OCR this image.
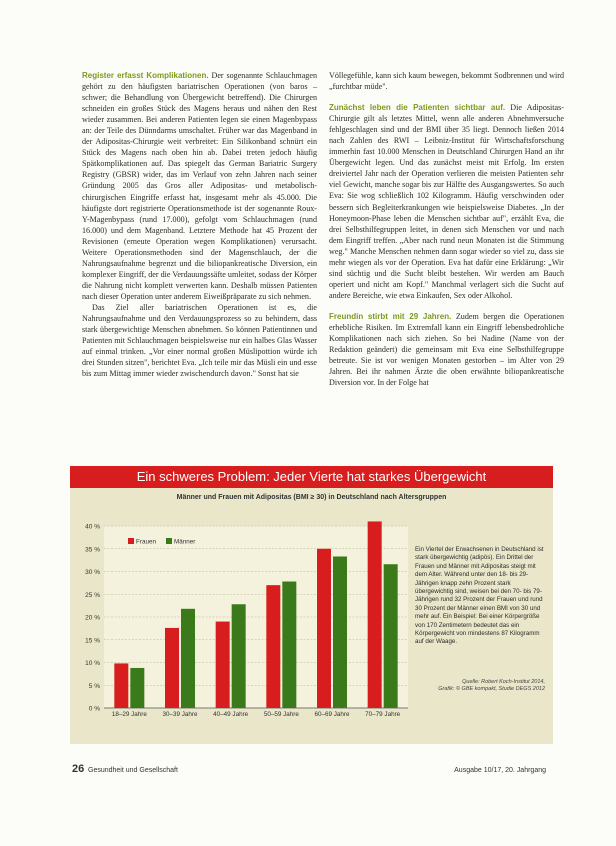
Register erfasst Komplikationen. Der sogenannte Schlauchmagen gehört zu den häufigsten bariatrischen Operationen (von baros – schwer; die Behandlung von Übergewicht betreffend). Die Chirurgen schneiden ein großes Stück des Magens heraus und nähen den Rest wieder zusammen. Bei anderen Patienten legen sie einen Magenbypass an: der Teile des Dünndarms umschaltet. Früher war das Magenband in der Adipositas-Chirurgie weit verbreitet: Ein Silikonband schnürt ein Stück des Magens nach oben hin ab. Dabei treten jedoch häufig Spätkomplikationen auf. Das spiegelt das German Bariatric Surgery Registry (GBSR) wider, das im Verlauf von zehn Jahren nach seiner Gründung 2005 das Gros aller Adipositas- und metabolisch-chirurgischen Eingriffe erfasst hat, insgesamt mehr als 45.000. Die häufigste dort registrierte Operationsmethode ist der sogenannte Roux-Y-Magenbypass (rund 17.000), gefolgt vom Schlauchmagen (rund 16.000) und dem Magenband. Letztere Methode hat 45 Prozent der Revisionen (erneute Operation wegen Komplikationen) verursacht. Weitere Operationsmethoden sind der Magenschlauch, der die Nahrungsaufnahme begrenzt und die biliopankreatische Diversion, ein komplexer Eingriff, der die Verdauungssäfte umleitet, sodass der Körper die Nahrung nicht komplett verwerten kann. Deshalb müssen Patienten nach dieser Operation unter anderem Eiweißpräparate zu sich nehmen.

Das Ziel aller bariatrischen Operationen ist es, die Nahrungsaufnahme und den Verdauungsprozess so zu behindern, dass stark übergewichtige Menschen abnehmen. So können Patientinnen und Patienten mit Schlauchmagen beispielsweise nur ein halbes Glas Wasser auf einmal trinken. „Vor einer normal großen Müslipottion würde ich drei Stunden sitzen", berichtet Eva. „Ich teile mir das Müsli ein und esse bis zum Mittag immer wieder zwischendurch davon." Sonst hat sie

Völlegefühle, kann sich kaum bewegen, bekommt Sodbrennen und wird „furchtbar müde".

Zunächst leben die Patienten sichtbar auf. Die Adipositas-Chirurgie gilt als letztes Mittel, wenn alle anderen Abnehmversuche fehlgeschlagen sind und der BMI über 35 liegt. Dennoch ließen 2014 nach Zahlen des RWI – Leibniz-Institut für Wirtschaftsforschung immerhin fast 10.000 Menschen in Deutschland Chirurgen Hand an ihr Übergewicht legen. Und das zunächst meist mit Erfolg. Im ersten dreiviertel Jahr nach der Operation verlieren die meisten Patienten sehr viel Gewicht, manche sogar bis zur Hälfte des Ausgangswertes. So auch Eva: Sie wog schließlich 102 Kilogramm. Häufig verschwinden oder bessern sich Begleiterkrankungen wie beispielsweise Diabetes. „In der Honeymoon-Phase leben die Menschen sichtbar auf", erzählt Eva, die drei Selbsthilfegruppen leitet, in denen sich Menschen vor und nach dem Eingriff treffen. „Aber nach rund neun Monaten ist die Stimmung weg." Manche Menschen nehmen dann sogar wieder so viel zu, dass sie mehr wiegen als vor der Operation. Eva hat dafür eine Erklärung: „Wir sind süchtig und die Sucht bleibt bestehen. Wir werden am Bauch operiert und nicht am Kopf." Manchmal verlagert sich die Sucht auf andere Bereiche, wie etwa Einkaufen, Sex oder Alkohol.

Freundin stirbt mit 29 Jahren. Zudem bergen die Operationen erhebliche Risiken. Im Extremfall kann ein Eingriff lebensbedrohliche Komplikationen nach sich ziehen. So bei Nadine (Name von der Redaktion geändert) die gemeinsam mit Eva eine Selbsthilfegruppe betreute. Sie ist vor wenigen Monaten gestorben – im Alter von 29 Jahren. Bei ihr nahmen Ärzte die oben erwähnte biliopankreatische Diversion vor. In der Folge hat

Ein schweres Problem: Jeder Vierte hat starkes Übergewicht
Männer und Frauen mit Adipositas (BMI ≥ 30) in Deutschland nach Altersgruppen
0 %
5 %
10 %
15 %
20 %
25 %
30 %
35 %
40 %
18–29 Jahre 30–39 Jahre 40–49 Jahre 50–59 Jahre 60–69 Jahre 70–79 Jahre
Frauen	Männer
Ein Viertel der Erwachsenen in Deutschland ist stark übergewichtig (adipös). Ein Drittel der Frauen und Männer mit Adipositas steigt mit dem Alter. Während unter den 18- bis 29-Jährigen knapp zehn Prozent stark übergewichtig sind, weisen bei den 70- bis 79-Jährigen rund 32 Prozent der Frauen und rund 30 Prozent der Männer einen BMI von 30 und mehr auf. Ein Beispiel: Bei einer Körpergröße von 170 Zentimetern bedeutet das ein Körpergewicht von mindestens 87 Kilogramm auf der Waage.
Quelle: Robert Koch-Institut 2014,
Grafik: © GBE kompakt, Studie DEGS 2012
26 Gesundheit und Gesellschaft	Ausgabe 10/17, 20. Jahrgang
